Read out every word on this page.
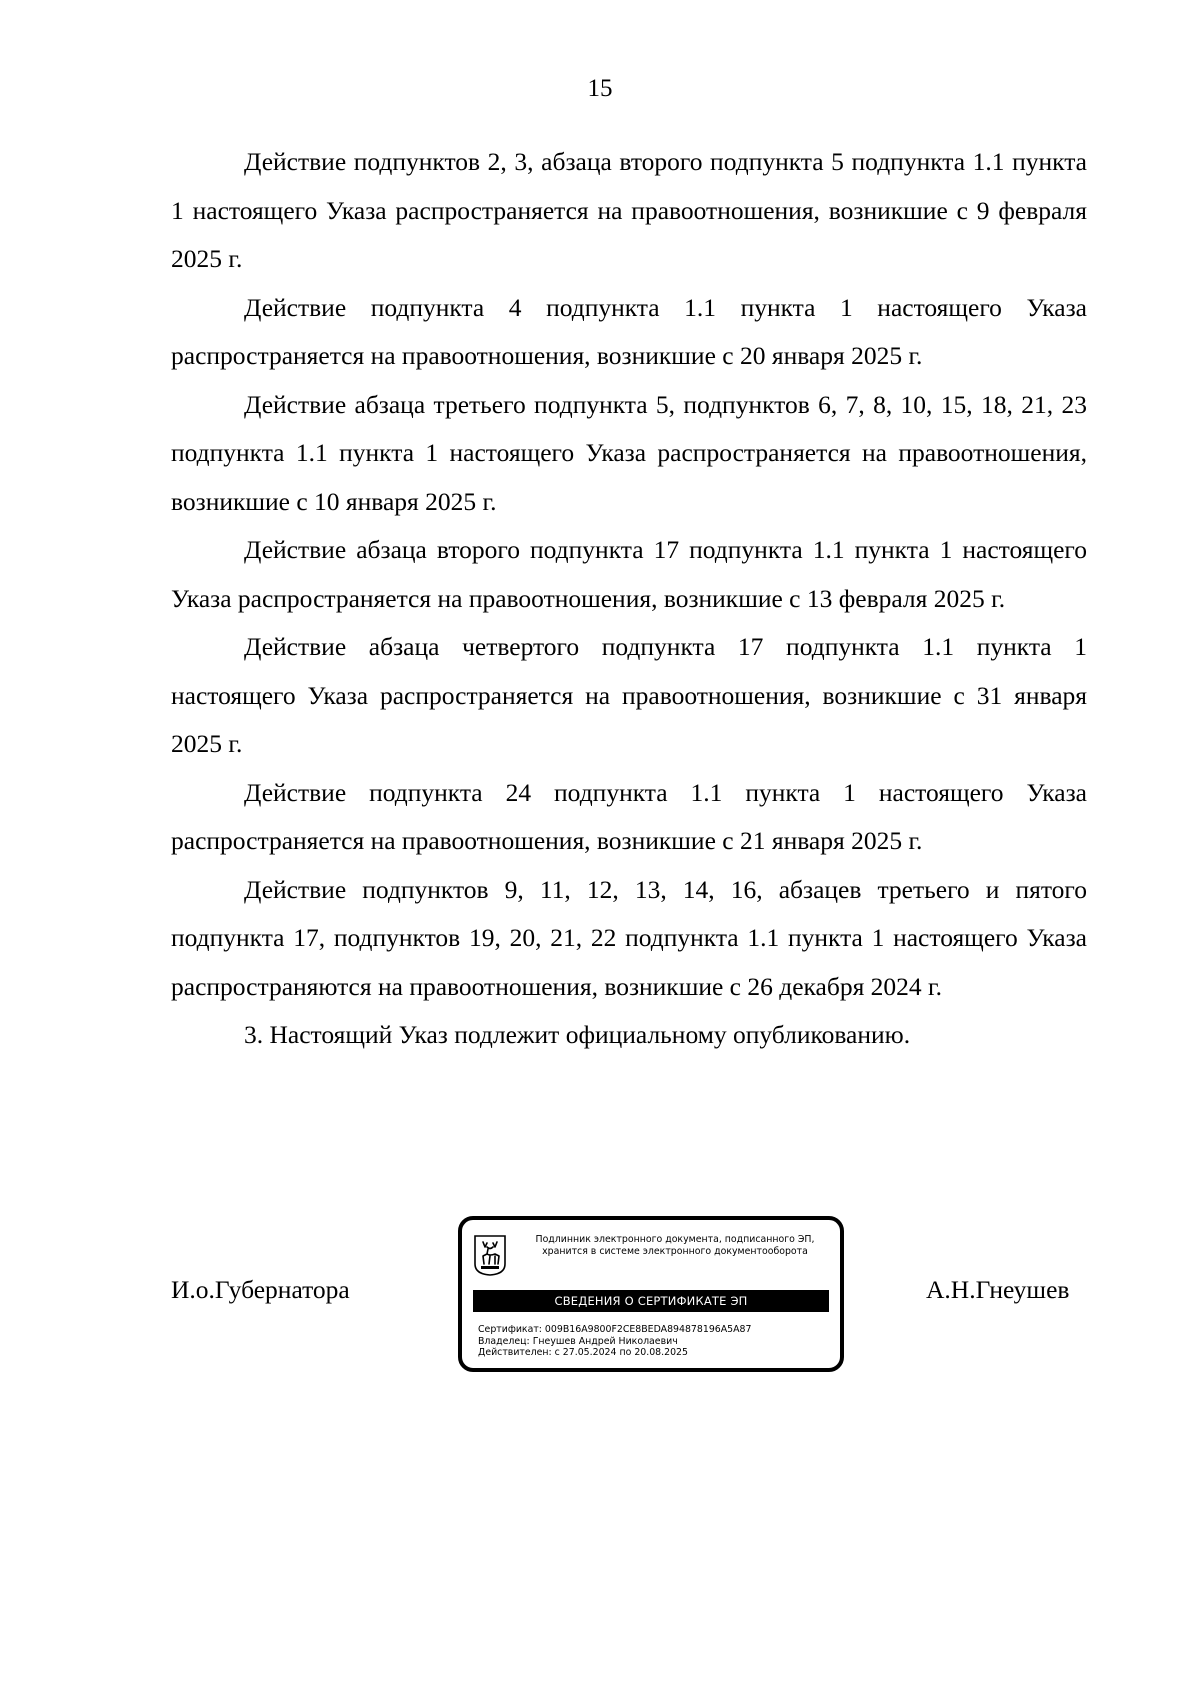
15

Действие подпунктов 2, 3, абзаца второго подпункта 5 подпункта 1.1 пункта 1 настоящего Указа распространяется на правоотношения, возникшие с 9 февраля 2025 г.

Действие подпункта 4 подпункта 1.1 пункта 1 настоящего Указа распространяется на правоотношения, возникшие с 20 января 2025 г.

Действие абзаца третьего подпункта 5, подпунктов 6, 7, 8, 10, 15, 18, 21, 23 подпункта 1.1 пункта 1 настоящего Указа распространяется на правоотношения, возникшие с 10 января 2025 г.

Действие абзаца второго подпункта 17 подпункта 1.1 пункта 1 настоящего Указа распространяется на правоотношения, возникшие с 13 февраля 2025 г.

Действие абзаца четвертого подпункта 17 подпункта 1.1 пункта 1 настоящего Указа распространяется на правоотношения, возникшие с 31 января 2025 г.

Действие подпункта 24 подпункта 1.1 пункта 1 настоящего Указа распространяется на правоотношения, возникшие с 21 января 2025 г.

Действие подпунктов 9, 11, 12, 13, 14, 16, абзацев третьего и пятого подпункта 17, подпунктов 19, 20, 21, 22 подпункта 1.1 пункта 1 настоящего Указа распространяются на правоотношения, возникшие с 26 декабря 2024 г.

3. Настоящий Указ подлежит официальному опубликованию.

И.о.Губернатора
Подлинник электронного документа, подписанного ЭП,
хранится в системе электронного документооборота
СВЕДЕНИЯ О СЕРТИФИКАТЕ ЭП
Сертификат: 009B16A9800F2CE8BEDA894878196A5A87
Владелец: Гнеушев Андрей Николаевич
Действителен: с 27.05.2024 по 20.08.2025
А.Н.Гнеушев
